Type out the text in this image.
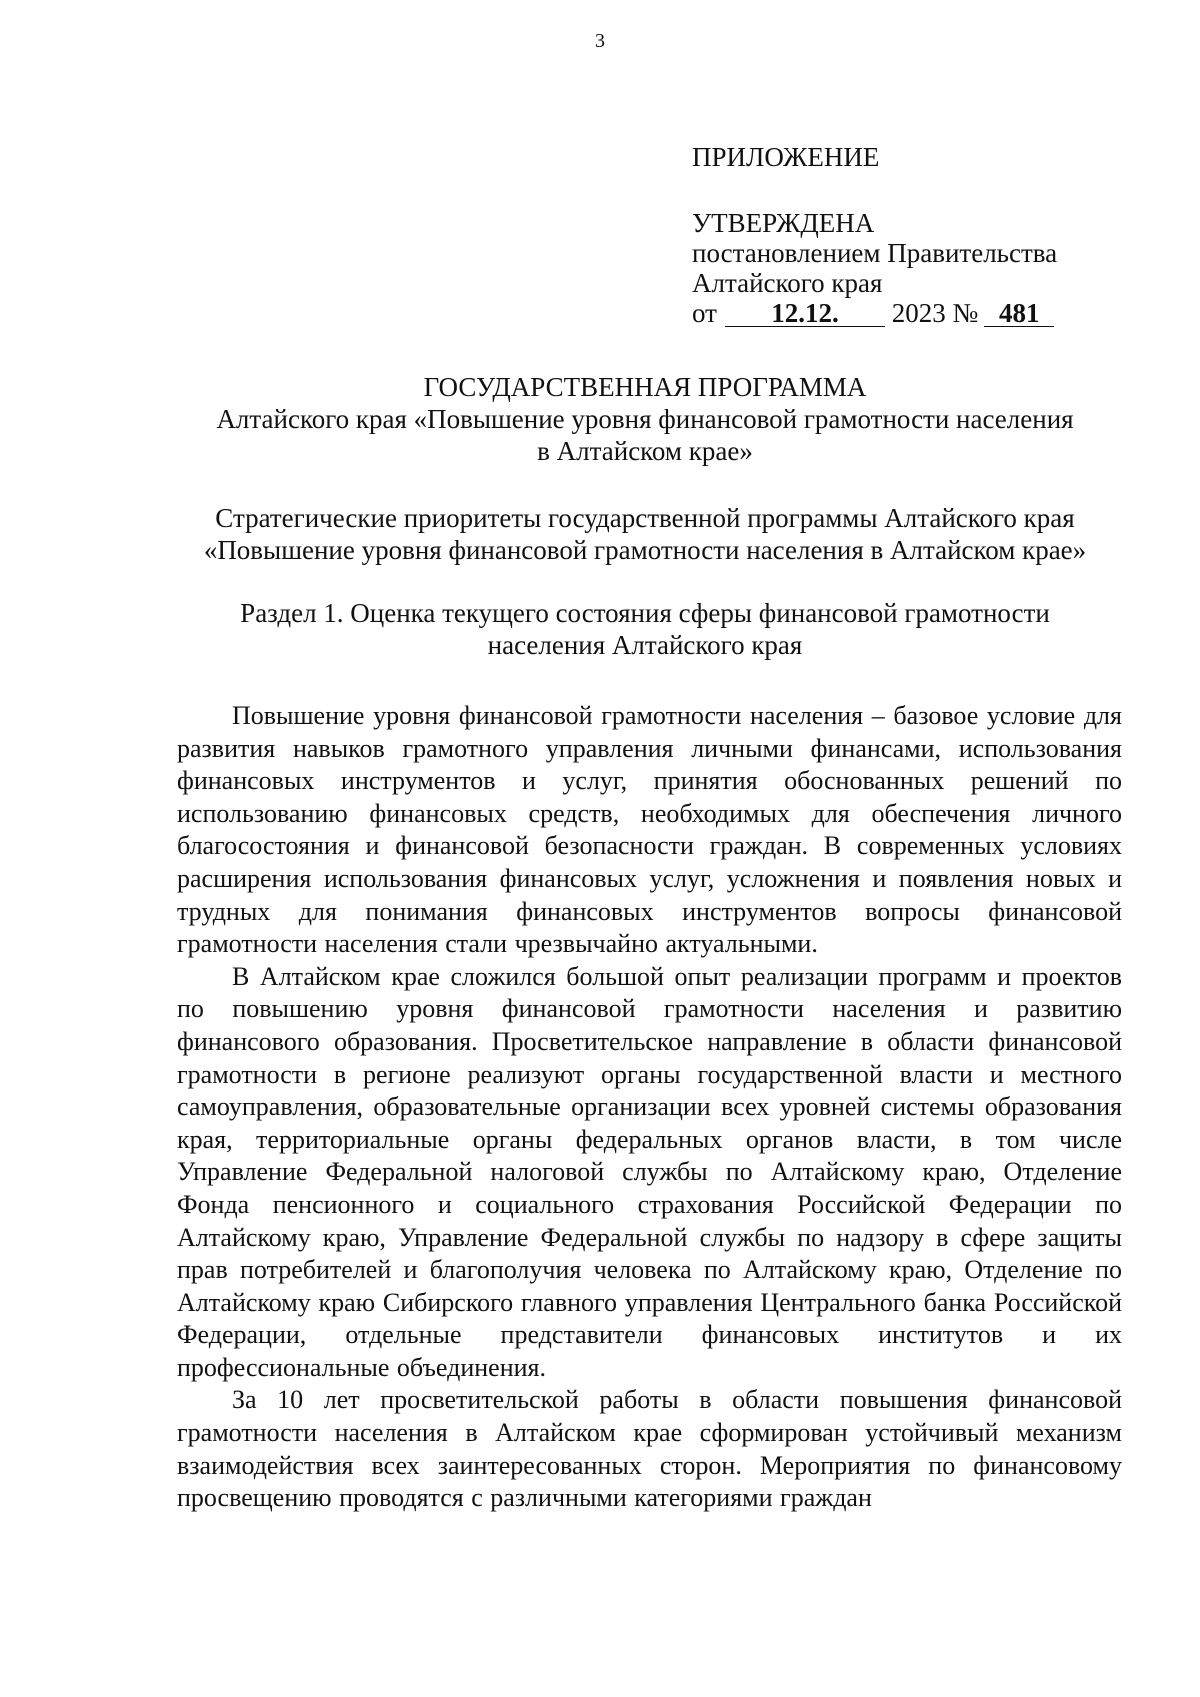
3
ПРИЛОЖЕНИЕ
УТВЕРЖДЕНА
постановлением Правительства
Алтайского края
от 12.12. 2023 № 481
ГОСУДАРСТВЕННАЯ ПРОГРАММА
Алтайского края «Повышение уровня финансовой грамотности населения
в Алтайском крае»
Стратегические приоритеты государственной программы Алтайского края
«Повышение уровня финансовой грамотности населения в Алтайском крае»
Раздел 1. Оценка текущего состояния сферы финансовой грамотности
населения Алтайского края

Повышение уровня финансовой грамотности населения – базовое условие для развития навыков грамотного управления личными финансами, использования финансовых инструментов и услуг, принятия обоснованных решений по использованию финансовых средств, необходимых для обеспечения личного благосостояния и финансовой безопасности граждан. В современных условиях расширения использования финансовых услуг, усложнения и появления новых и трудных для понимания финансовых инструментов вопросы финансовой грамотности населения стали чрезвычайно актуальными.

В Алтайском крае сложился большой опыт реализации программ и проектов по повышению уровня финансовой грамотности населения и развитию финансового образования. Просветительское направление в области финансовой грамотности в регионе реализуют органы государственной власти и местного самоуправления, образовательные организации всех уровней системы образования края, территориальные органы федеральных органов власти, в том числе Управление Федеральной налоговой службы по Алтайскому краю, Отделение Фонда пенсионного и социального страхования Российской Федерации по Алтайскому краю, Управление Федеральной службы по надзору в сфере защиты прав потребителей и благополучия человека по Алтайскому краю, Отделение по Алтайскому краю Сибирского главного управления Центрального банка Российской Федерации, отдельные представители финансовых институтов и их профессиональные объединения.

За 10 лет просветительской работы в области повышения финансовой грамотности населения в Алтайском крае сформирован устойчивый механизм взаимодействия всех заинтересованных сторон. Мероприятия по финансовому просвещению проводятся с различными категориями граждан
